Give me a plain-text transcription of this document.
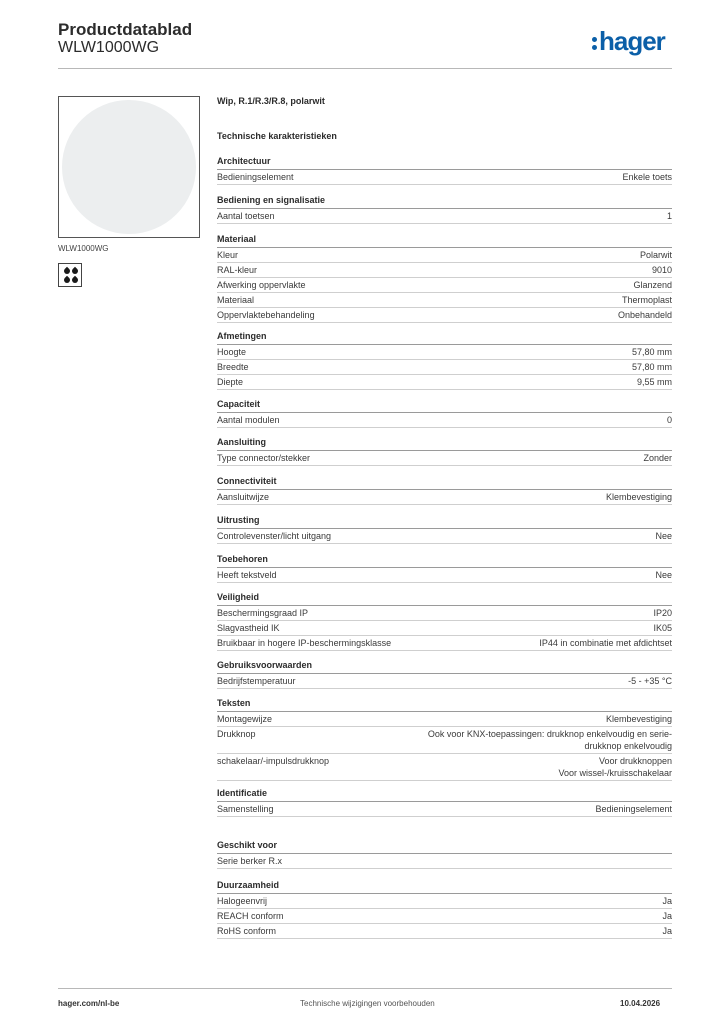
Productdatablad
WLW1000WG	hager
WLW1000WG
Wip, R.1/R.3/R.8, polarwit
Technische karakteristieken
Architectuur
Bedieningselement	Enkele toets
Bediening en signalisatie
Aantal toetsen	1
Materiaal
Kleur	Polarwit
RAL-kleur	9010
Afwerking oppervlakte	Glanzend
Materiaal	Thermoplast
Oppervlaktebehandeling	Onbehandeld
Afmetingen
Hoogte	57,80 mm
Breedte	57,80 mm
Diepte	9,55 mm
Capaciteit
Aantal modulen	0
Aansluiting
Type connector/stekker	Zonder
Connectiviteit
Aansluitwijze	Klembevestiging
Uitrusting
Controlevenster/licht uitgang	Nee
Toebehoren
Heeft tekstveld	Nee
Veiligheid
Beschermingsgraad IP	IP20
Slagvastheid IK	IK05
Bruikbaar in hogere IP-beschermingsklasse	IP44 in combinatie met afdichtset
Gebruiksvoorwaarden
Bedrijfstemperatuur	-5 - +35 °C
Teksten
Montagewijze	Klembevestiging
Drukknop	Ook voor KNX-toepassingen: drukknop enkelvoudig en serie-
drukknop enkelvoudig
schakelaar/-impulsdrukknop	Voor drukknoppen
Voor wissel-/kruisschakelaar
Identificatie
Samenstelling	Bedieningselement
Geschikt voor
Serie berker R.x
Duurzaamheid
Halogeenvrij	Ja
REACH conform	Ja
RoHS conform	Ja
hager.com/nl-be	Technische wijzigingen voorbehouden	10.04.2026
